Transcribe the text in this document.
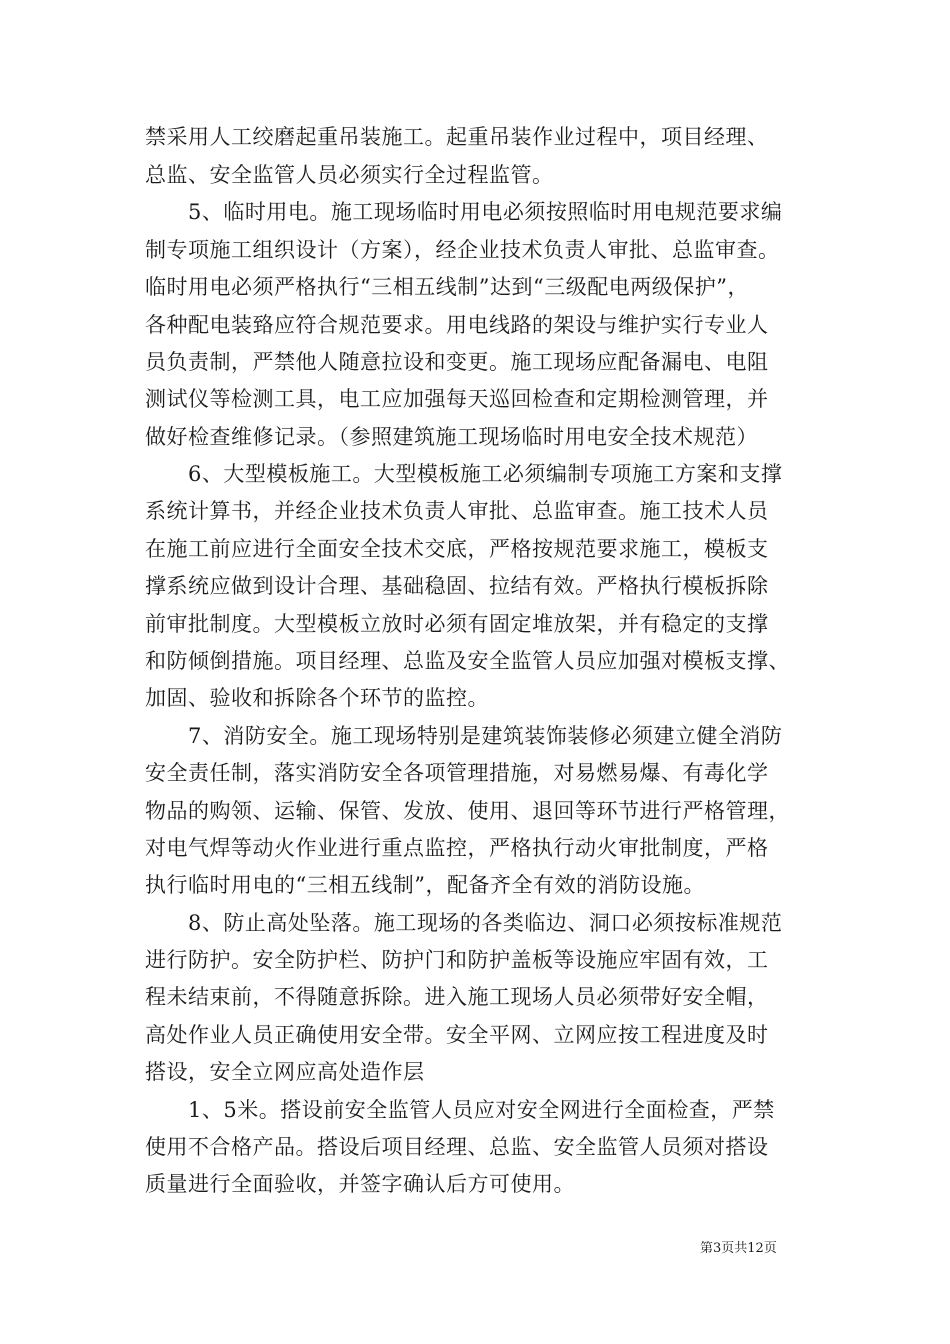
禁采用人工绞磨起重吊装施工。起重吊装作业过程中，项目经理、
总监、安全监管人员必须实行全过程监管。
5、临时用电。施工现场临时用电必须按照临时用电规范要求编
制专项施工组织设计（方案），经企业技术负责人审批、总监审查。
临时用电必须严格执行“三相五线制”达到“三级配电两级保护”，
各种配电装臵应符合规范要求。用电线路的架设与维护实行专业人
员负责制，严禁他人随意拉设和变更。施工现场应配备漏电、电阻
测试仪等检测工具，电工应加强每天巡回检查和定期检测管理，并
做好检查维修记录。（参照建筑施工现场临时用电安全技术规范）
6、大型模板施工。大型模板施工必须编制专项施工方案和支撑
系统计算书，并经企业技术负责人审批、总监审查。施工技术人员
在施工前应进行全面安全技术交底，严格按规范要求施工，模板支
撑系统应做到设计合理、基础稳固、拉结有效。严格执行模板拆除
前审批制度。大型模板立放时必须有固定堆放架，并有稳定的支撑
和防倾倒措施。项目经理、总监及安全监管人员应加强对模板支撑、
加固、验收和拆除各个环节的监控。
7、消防安全。施工现场特别是建筑装饰装修必须建立健全消防
安全责任制，落实消防安全各项管理措施，对易燃易爆、有毒化学
物品的购领、运输、保管、发放、使用、退回等环节进行严格管理，
对电气焊等动火作业进行重点监控，严格执行动火审批制度，严格
执行临时用电的“三相五线制”，配备齐全有效的消防设施。
8、防止高处坠落。施工现场的各类临边、洞口必须按标准规范
进行防护。安全防护栏、防护门和防护盖板等设施应牢固有效，工
程未结束前，不得随意拆除。进入施工现场人员必须带好安全帽，
高处作业人员正确使用安全带。安全平网、立网应按工程进度及时
搭设，安全立网应高处造作层
1、5米。搭设前安全监管人员应对安全网进行全面检查，严禁
使用不合格产品。搭设后项目经理、总监、安全监管人员须对搭设
质量进行全面验收，并签字确认后方可使用。
第3页共12页
